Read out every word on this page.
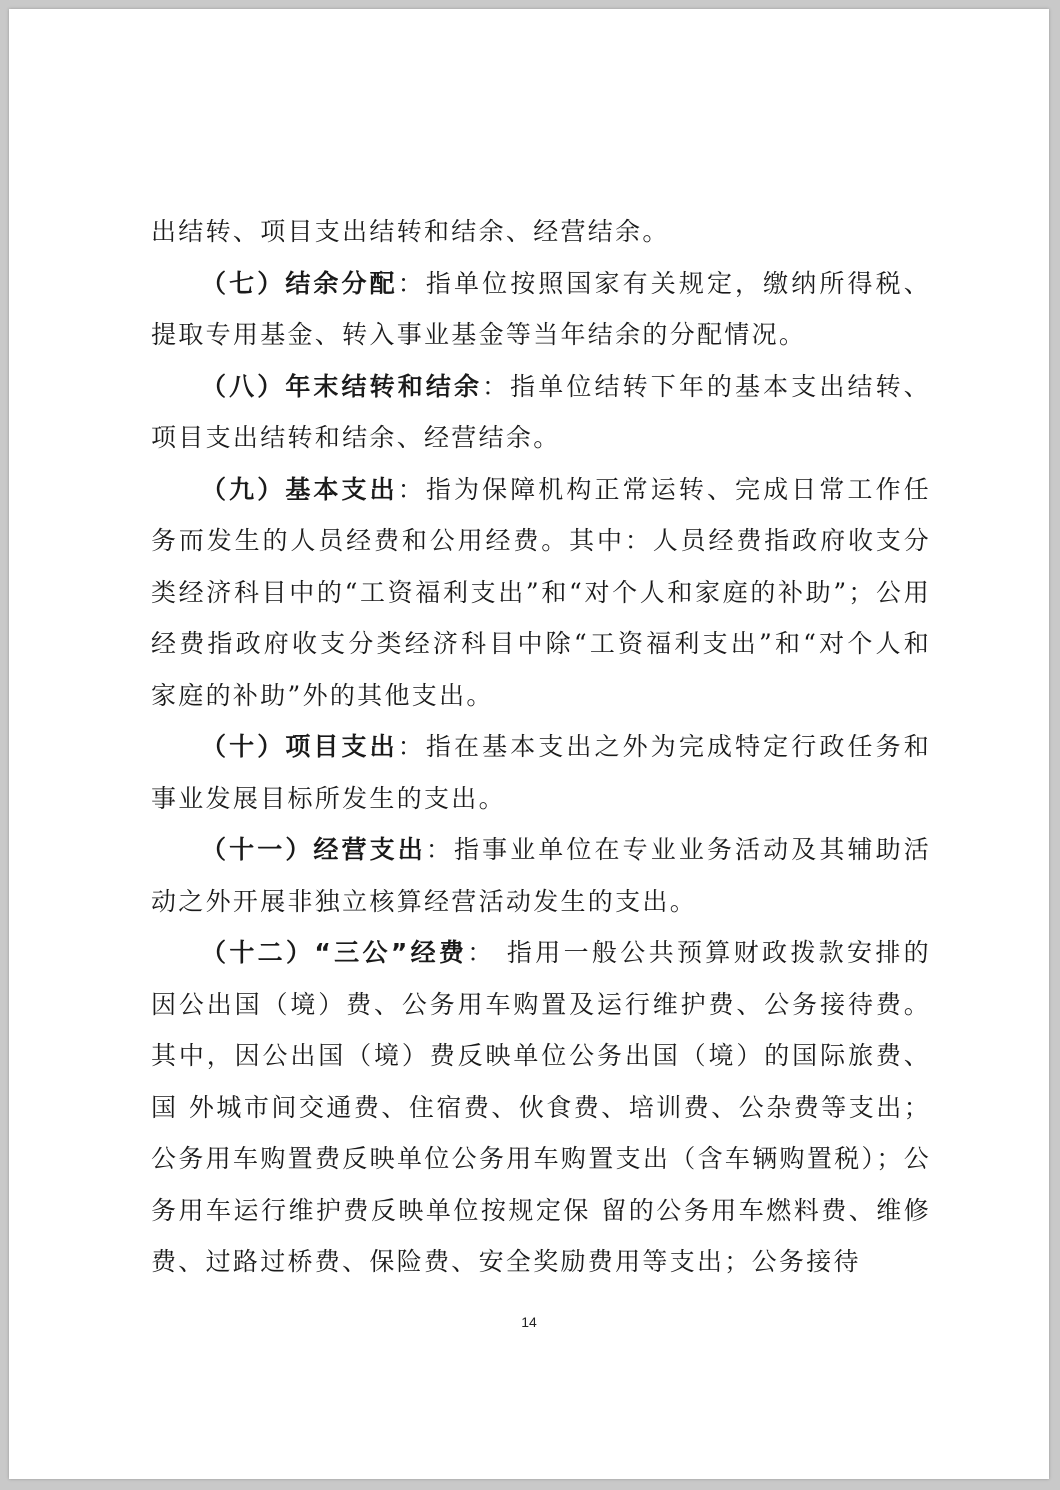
出结转、项目支出结转和结余、经营结余。

（七）结余分配：指单位按照国家有关规定，缴纳所得税、提取专用基金、转入事业基金等当年结余的分配情况。

（八）年末结转和结余：指单位结转下年的基本支出结转、项目支出结转和结余、经营结余。

（九）基本支出：指为保障机构正常运转、完成日常工作任务而发生的人员经费和公用经费。其中：人员经费指政府收支分类经济科目中的“工资福利支出”和“对个人和家庭的补助”；公用经费指政府收支分类经济科目中除“工资福利支出”和“对个人和家庭的补助”外的其他支出。

（十）项目支出：指在基本支出之外为完成特定行政任务和事业发展目标所发生的支出。

（十一）经营支出：指事业单位在专业业务活动及其辅助活动之外开展非独立核算经营活动发生的支出。

（十二）“三公”经费： 指用一般公共预算财政拨款安排的因公出国（境）费、公务用车购置及运行维护费、公务接待费。其中，因公出国（境）费反映单位公务出国（境）的国际旅费、国 外城市间交通费、住宿费、伙食费、培训费、公杂费等支出；公务用车购置费反映单位公务用车购置支出（含车辆购置税）；公务用车运行维护费反映单位按规定保 留的公务用车燃料费、维修费、过路过桥费、保险费、安全奖励费用等支出；公务接待

14
